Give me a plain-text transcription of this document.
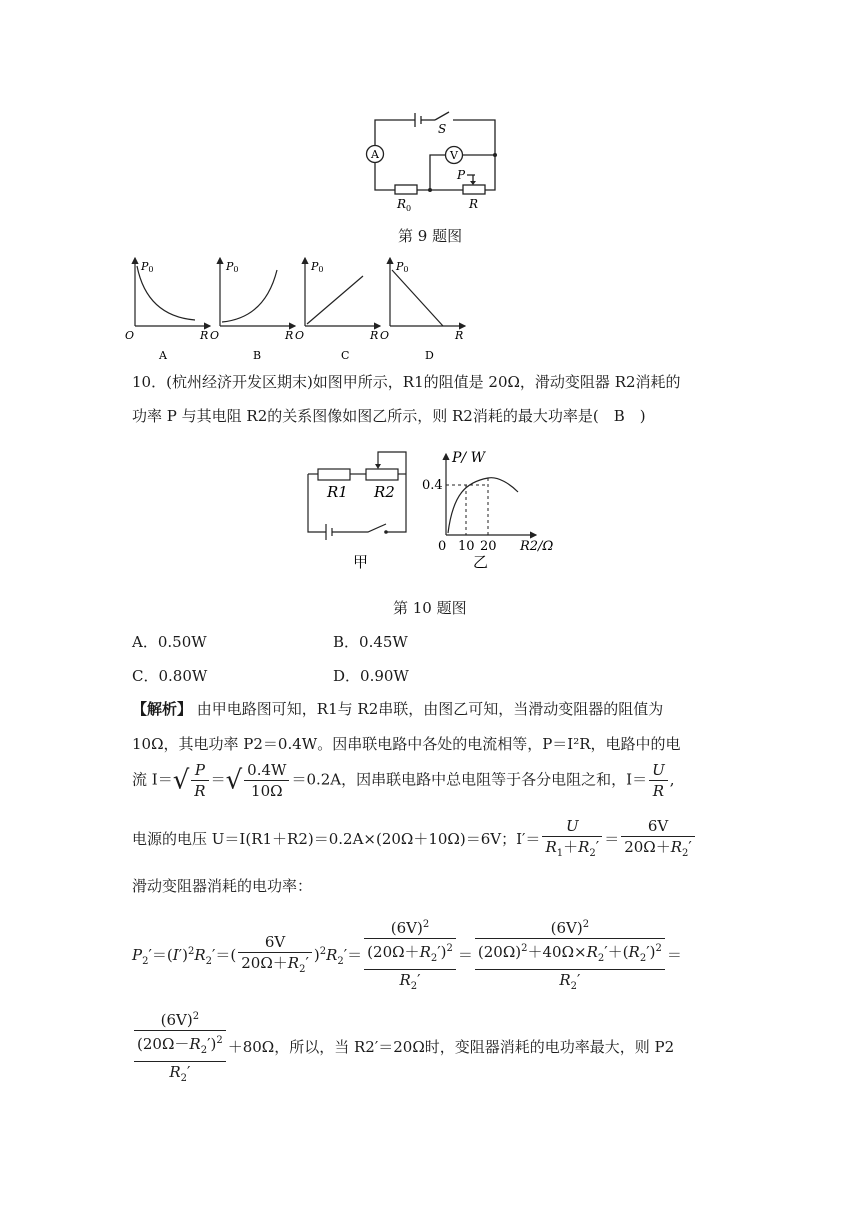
A	V
S
P
$R_0$	R
第 9 题图
P0
O	R
P0
O	R
P0
O	R
P0
O	R
A	B	C	D
10．(杭州经济开发区期末)如图甲所示，R1的阻值是 20Ω，滑动变阻器 R2消耗的
功率 P 与其电阻 R2的关系图像如图乙所示，则 R2消耗的最大功率是(　B　)
R1 R2
甲	乙
P/ W
0.4
0 10 20 R2/Ω
第 10 题图
A．0.50W	B．0.45W
C．0.80W	D．0.90W
【解析】 由甲电路图可知，R1与 R2串联，由图乙可知，当滑动变阻器的阻值为
10Ω，其电功率 P2＝0.4W。因串联电路中各处的电流相等，P＝I²R，电路中的电
流 $I=√ \frac{P}{R}$ ＝√ $\frac{0.4W}{10\Omega} =0.2A$，因串联电路中总电阻等于各分电阻之和，$I= \frac{U}{R}$ ,
电源的电压 U＝I(R1＋R2)＝0.2A×(20Ω＋10Ω)＝6V；$I'= \frac{U}{R_1+R_2'} = \frac{6V}{20\Omega+R_2'}$
滑动变阻器消耗的电功率：
$P_2'=(I')^2R_2'=( \frac{6V}{20\Omega+R_2'} )^2R_2'=$
$(6V)^2$
$(20\Omega+R_2')^2$
$R_2'$
＝
$(6V)^2$
$(20\Omega)^2+40\Omega\times R_2'+(R_2')^2$
$R_2'$
＝
$(6V)^2$
$(20\Omega-R_2')^2$
$R_2'$
＋80Ω，所以，当 R2′＝20Ω时，变阻器消耗的电功率最大，则 P2
